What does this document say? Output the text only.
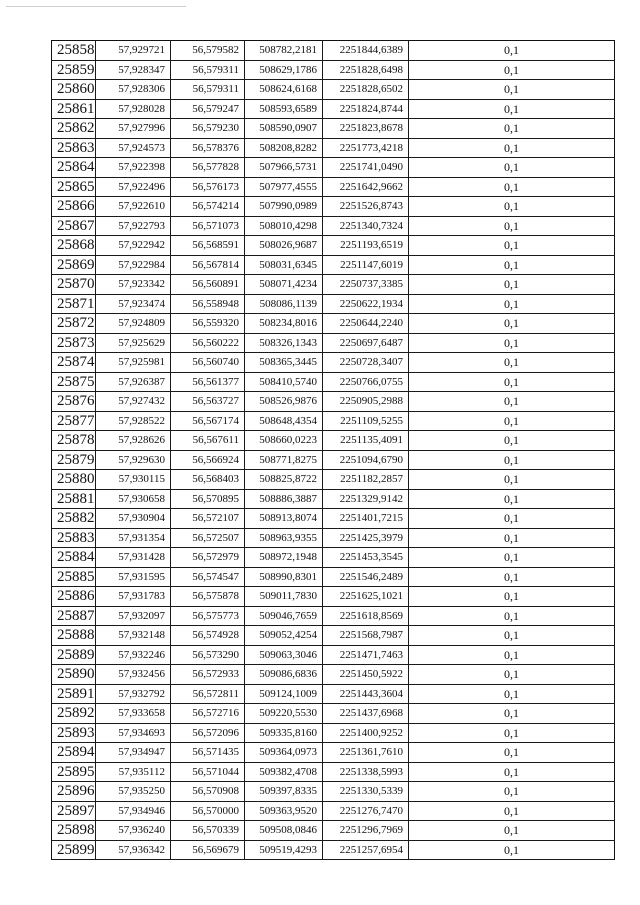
25858	57,929721	56,579582	508782,2181	2251844,6389	0,1
25859	57,928347	56,579311	508629,1786	2251828,6498	0,1
25860	57,928306	56,579311	508624,6168	2251828,6502	0,1
25861	57,928028	56,579247	508593,6589	2251824,8744	0,1
25862	57,927996	56,579230	508590,0907	2251823,8678	0,1
25863	57,924573	56,578376	508208,8282	2251773,4218	0,1
25864	57,922398	56,577828	507966,5731	2251741,0490	0,1
25865	57,922496	56,576173	507977,4555	2251642,9662	0,1
25866	57,922610	56,574214	507990,0989	2251526,8743	0,1
25867	57,922793	56,571073	508010,4298	2251340,7324	0,1
25868	57,922942	56,568591	508026,9687	2251193,6519	0,1
25869	57,922984	56,567814	508031,6345	2251147,6019	0,1
25870	57,923342	56,560891	508071,4234	2250737,3385	0,1
25871	57,923474	56,558948	508086,1139	2250622,1934	0,1
25872	57,924809	56,559320	508234,8016	2250644,2240	0,1
25873	57,925629	56,560222	508326,1343	2250697,6487	0,1
25874	57,925981	56,560740	508365,3445	2250728,3407	0,1
25875	57,926387	56,561377	508410,5740	2250766,0755	0,1
25876	57,927432	56,563727	508526,9876	2250905,2988	0,1
25877	57,928522	56,567174	508648,4354	2251109,5255	0,1
25878	57,928626	56,567611	508660,0223	2251135,4091	0,1
25879	57,929630	56,566924	508771,8275	2251094,6790	0,1
25880	57,930115	56,568403	508825,8722	2251182,2857	0,1
25881	57,930658	56,570895	508886,3887	2251329,9142	0,1
25882	57,930904	56,572107	508913,8074	2251401,7215	0,1
25883	57,931354	56,572507	508963,9355	2251425,3979	0,1
25884	57,931428	56,572979	508972,1948	2251453,3545	0,1
25885	57,931595	56,574547	508990,8301	2251546,2489	0,1
25886	57,931783	56,575878	509011,7830	2251625,1021	0,1
25887	57,932097	56,575773	509046,7659	2251618,8569	0,1
25888	57,932148	56,574928	509052,4254	2251568,7987	0,1
25889	57,932246	56,573290	509063,3046	2251471,7463	0,1
25890	57,932456	56,572933	509086,6836	2251450,5922	0,1
25891	57,932792	56,572811	509124,1009	2251443,3604	0,1
25892	57,933658	56,572716	509220,5530	2251437,6968	0,1
25893	57,934693	56,572096	509335,8160	2251400,9252	0,1
25894	57,934947	56,571435	509364,0973	2251361,7610	0,1
25895	57,935112	56,571044	509382,4708	2251338,5993	0,1
25896	57,935250	56,570908	509397,8335	2251330,5339	0,1
25897	57,934946	56,570000	509363,9520	2251276,7470	0,1
25898	57,936240	56,570339	509508,0846	2251296,7969	0,1
25899	57,936342	56,569679	509519,4293	2251257,6954	0,1
